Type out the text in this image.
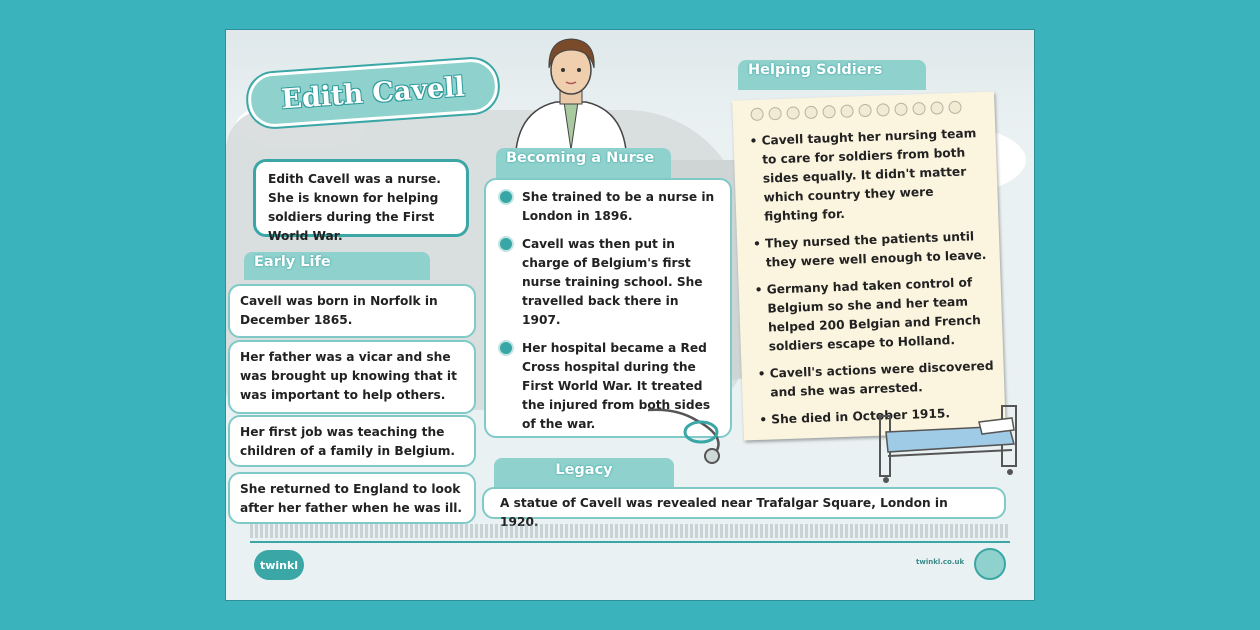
Edith Cavell
Edith Cavell was a nurse. She is known for helping soldiers during the First World War.
Early Life
Cavell was born in Norfolk in December 1865.
Her father was a vicar and she was brought up knowing that it was important to help others.
Her first job was teaching the children of a family in Belgium.
She returned to England to look after her father when he was ill.
Becoming a Nurse
She trained to be a nurse in London in 1896.
Cavell was then put in charge of Belgium's first nurse training school. She travelled back there in 1907.
Her hospital became a Red Cross hospital during the First World War. It treated the injured from both sides of the war.
Helping Soldiers
• Cavell taught her nursing team to care for soldiers from both sides equally. It didn't matter which country they were fighting for.
• They nursed the patients until they were well enough to leave.
• Germany had taken control of Belgium so she and her team helped 200 Belgian and French soldiers escape to Holland.
• Cavell's actions were discovered and she was arrested.
• She died in October 1915.
Legacy
A statue of Cavell was revealed near Trafalgar Square, London in 1920.
twinkl	twinkl.co.uk
